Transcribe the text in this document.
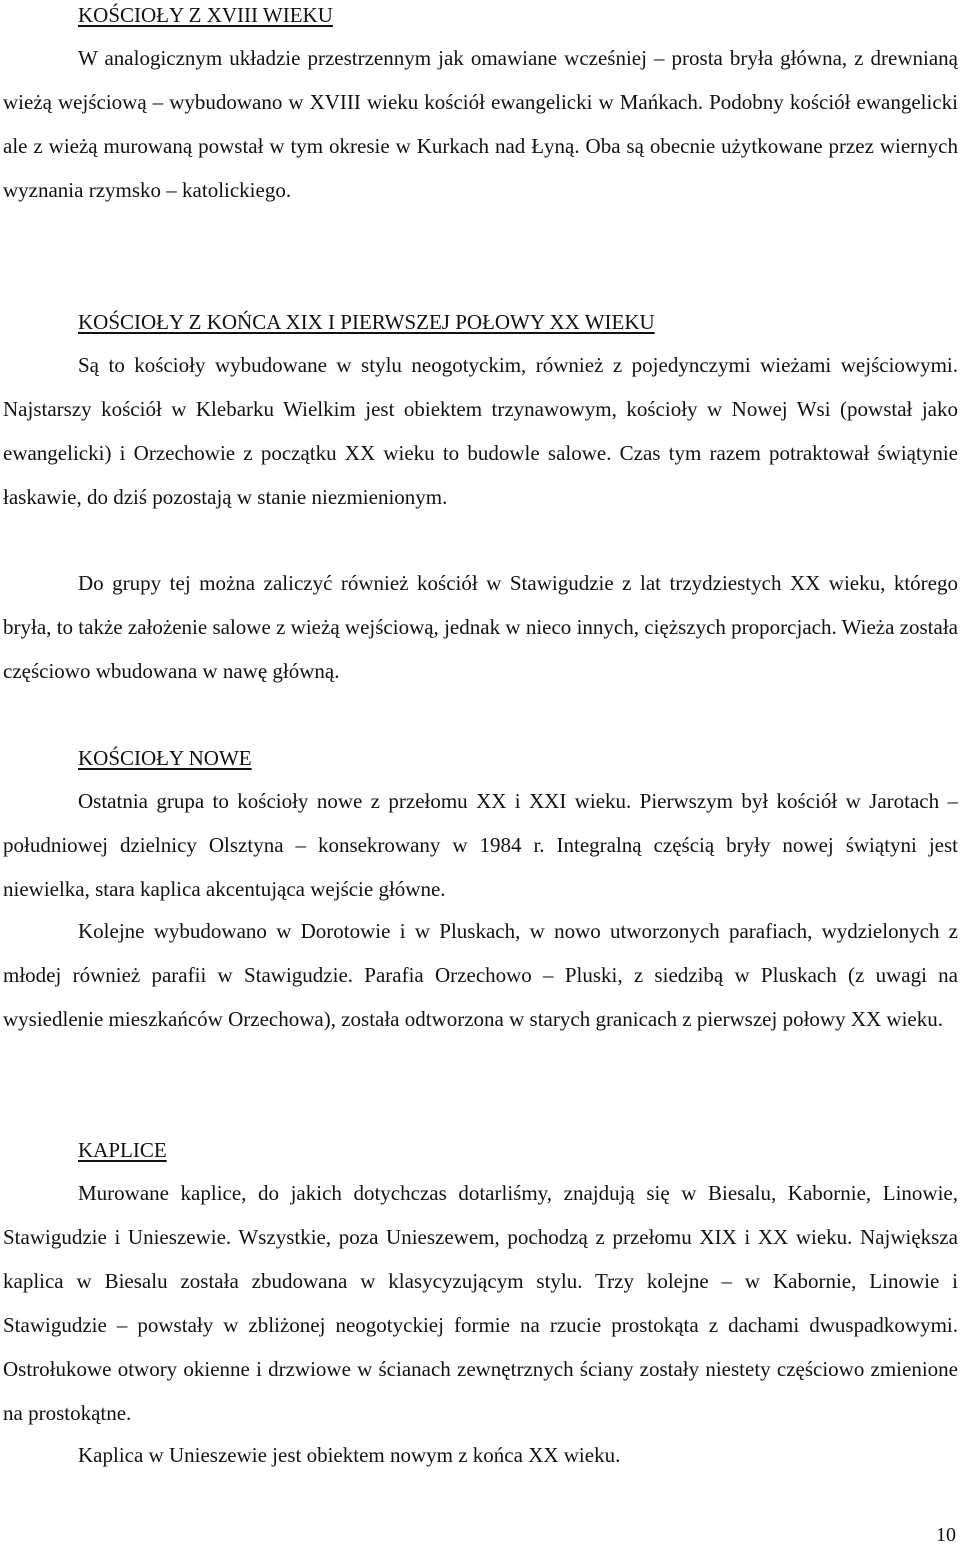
KOŚCIOŁY Z XVIII WIEKU

W analogicznym układzie przestrzennym jak omawiane wcześniej – prosta bryła główna, z drewnianą wieżą wejściową – wybudowano w XVIII wieku kościół ewangelicki w Mańkach. Podobny kościół ewangelicki ale z wieżą murowaną powstał w tym okresie w Kurkach nad Łyną. Oba są obecnie użytkowane przez wiernych wyznania rzymsko – katolickiego.

KOŚCIOŁY Z KOŃCA XIX I PIERWSZEJ POŁOWY XX WIEKU

Są to kościoły wybudowane w stylu neogotyckim, również z pojedynczymi wieżami wejściowymi. Najstarszy kościół w Klebarku Wielkim jest obiektem trzynawowym, kościoły w Nowej Wsi (powstał jako ewangelicki) i Orzechowie z początku XX wieku to budowle salowe. Czas tym razem potraktował świątynie łaskawie, do dziś pozostają w stanie niezmienionym.

Do grupy tej można zaliczyć również kościół w Stawigudzie z lat trzydziestych XX wieku, którego bryła, to także założenie salowe z wieżą wejściową, jednak w nieco innych, cięższych proporcjach. Wieża została częściowo wbudowana w nawę główną.

KOŚCIOŁY NOWE

Ostatnia grupa to kościoły nowe z przełomu XX i XXI wieku. Pierwszym był kościół w Jarotach – południowej dzielnicy Olsztyna – konsekrowany w 1984 r. Integralną częścią bryły nowej świątyni jest niewielka, stara kaplica akcentująca wejście główne.

Kolejne wybudowano w Dorotowie i w Pluskach, w nowo utworzonych parafiach, wydzielonych z młodej również parafii w Stawigudzie. Parafia Orzechowo – Pluski, z siedzibą w Pluskach (z uwagi na wysiedlenie mieszkańców Orzechowa), została odtworzona w starych granicach z pierwszej połowy XX wieku.

KAPLICE

Murowane kaplice, do jakich dotychczas dotarliśmy, znajdują się w Biesalu, Kabornie, Linowie, Stawigudzie i Unieszewie. Wszystkie, poza Unieszewem, pochodzą z przełomu XIX i XX wieku. Największa kaplica w Biesalu została zbudowana w klasycyzującym stylu. Trzy kolejne – w Kabornie, Linowie i Stawigudzie – powstały w zbliżonej neogotyckiej formie na rzucie prostokąta z dachami dwuspadkowymi. Ostrołukowe otwory okienne i drzwiowe w ścianach zewnętrznych ściany zostały niestety częściowo zmienione na prostokątne.

Kaplica w Unieszewie jest obiektem nowym z końca XX wieku.

10
